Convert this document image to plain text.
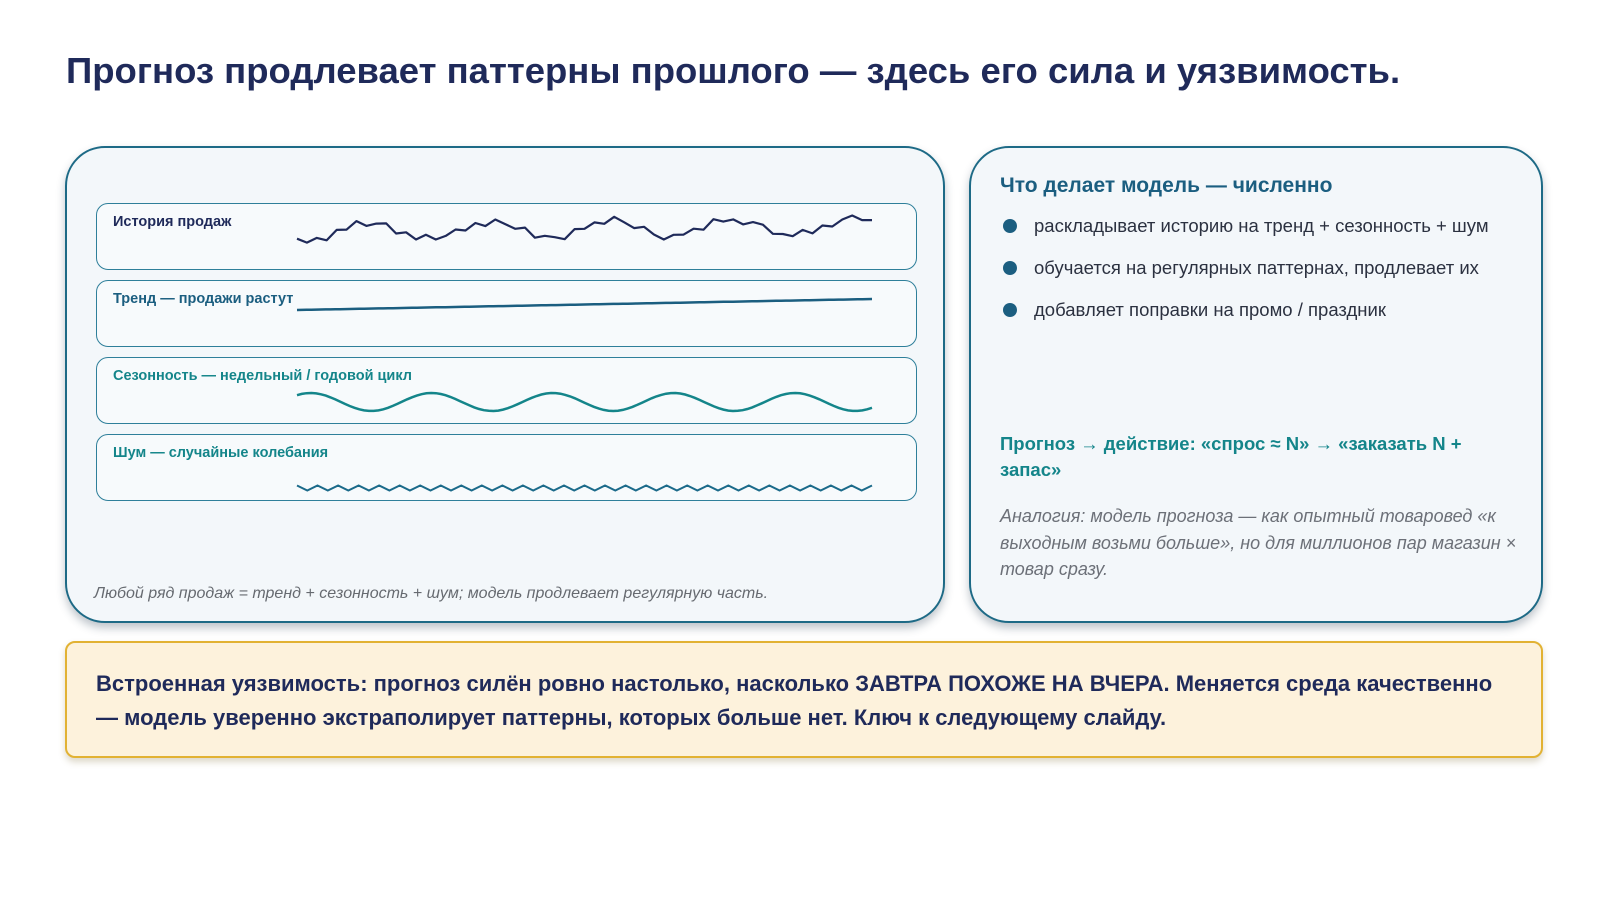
Прогноз продлевает паттерны прошлого — здесь его сила и уязвимость.
История продаж
Тренд — продажи растут
Сезонность — недельный / годовой цикл
Шум — случайные колебания
Любой ряд продаж = тренд + сезонность + шум; модель продлевает регулярную часть.
Что делает модель — численно
раскладывает историю на тренд + сезонность + шум
обучается на регулярных паттернах, продлевает их
добавляет поправки на промо / праздник
Прогноз → действие: «спрос ≈ N» → «заказать N + запас»
Аналогия: модель прогноза — как опытный товаровед «к выходным возьми больше», но для миллионов пар магазин × товар сразу.
Встроенная уязвимость: прогноз силён ровно настолько, насколько ЗАВТРА ПОХОЖЕ НА ВЧЕРА. Меняется среда качественно — модель уверенно экстраполирует паттерны, которых больше нет. Ключ к следующему слайду.
